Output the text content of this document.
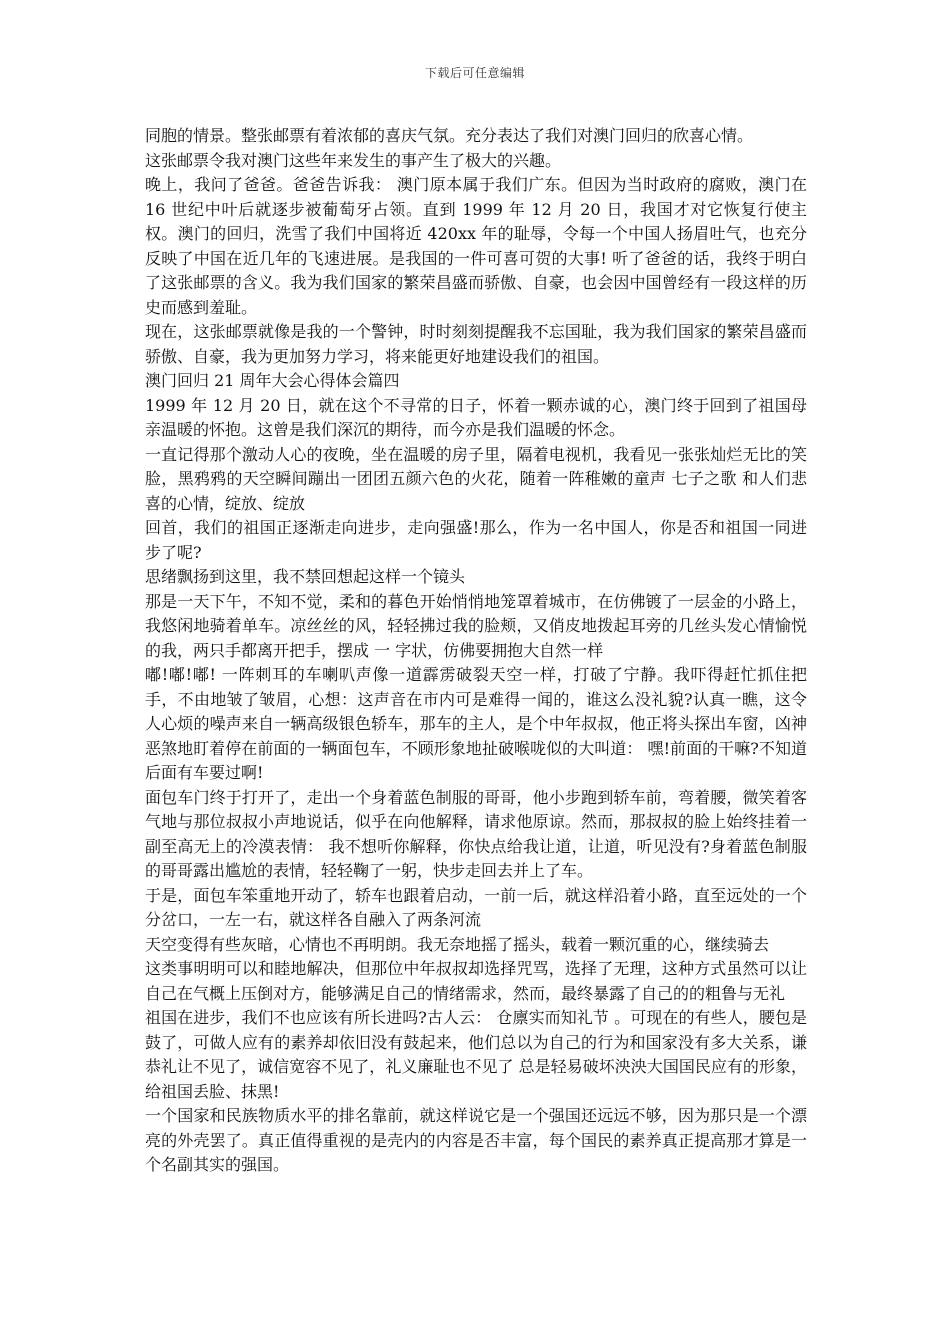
下载后可任意编辑

同胞的情景。整张邮票有着浓郁的喜庆气氛。充分表达了我们对澳门回归的欣喜心情。

这张邮票令我对澳门这些年来发生的事产生了极大的兴趣。

晚上，我问了爸爸。爸爸告诉我： 澳门原本属于我们广东。但因为当时政府的腐败，澳门在 16 世纪中叶后就逐步被葡萄牙占领。直到 1999 年 12 月 20 日，我国才对它恢复行使主权。澳门的回归，洗雪了我们中国将近 420xx 年的耻辱，令每一个中国人扬眉吐气，也充分反映了中国在近几年的飞速进展。是我国的一件可喜可贺的大事! 听了爸爸的话，我终于明白了这张邮票的含义。我为我们国家的繁荣昌盛而骄傲、自豪，也会因中国曾经有一段这样的历史而感到羞耻。

现在，这张邮票就像是我的一个警钟，时时刻刻提醒我不忘国耻，我为我们国家的繁荣昌盛而骄傲、自豪，我为更加努力学习，将来能更好地建设我们的祖国。

澳门回归 21 周年大会心得体会篇四

1999 年 12 月 20 日，就在这个不寻常的日子，怀着一颗赤诚的心，澳门终于回到了祖国母亲温暖的怀抱。这曾是我们深沉的期待，而今亦是我们温暖的怀念。

一直记得那个激动人心的夜晚，坐在温暖的房子里，隔着电视机，我看见一张张灿烂无比的笑脸，黑鸦鸦的天空瞬间蹦出一团团五颜六色的火花，随着一阵稚嫩的童声 七子之歌 和人们悲喜的心情，绽放、绽放

回首，我们的祖国正逐渐走向进步，走向强盛!那么，作为一名中国人，你是否和祖国一同进步了呢?

思绪飘扬到这里，我不禁回想起这样一个镜头

那是一天下午，不知不觉，柔和的暮色开始悄悄地笼罩着城市，在仿佛镀了一层金的小路上，我悠闲地骑着单车。凉丝丝的风，轻轻拂过我的脸颊，又俏皮地拨起耳旁的几丝头发心情愉悦的我，两只手都离开把手，摆成 一 字状，仿佛要拥抱大自然一样

嘟!嘟!嘟! 一阵刺耳的车喇叭声像一道霹雳破裂天空一样，打破了宁静。我吓得赶忙抓住把手，不由地皱了皱眉，心想：这声音在市内可是难得一闻的，谁这么没礼貌?认真一瞧，这令人心烦的噪声来自一辆高级银色轿车，那车的主人，是个中年叔叔，他正将头探出车窗，凶神恶煞地盯着停在前面的一辆面包车，不顾形象地扯破喉咙似的大叫道： 嘿!前面的干嘛?不知道后面有车要过啊!

面包车门终于打开了，走出一个身着蓝色制服的哥哥，他小步跑到轿车前，弯着腰，微笑着客气地与那位叔叔小声地说话，似乎在向他解释，请求他原谅。然而，那叔叔的脸上始终挂着一副至高无上的冷漠表情： 我不想听你解释，你快点给我让道，让道，听见没有?身着蓝色制服的哥哥露出尴尬的表情，轻轻鞠了一躬，快步走回去并上了车。

于是，面包车笨重地开动了，轿车也跟着启动，一前一后，就这样沿着小路，直至远处的一个分岔口，一左一右，就这样各自融入了两条河流

天空变得有些灰暗，心情也不再明朗。我无奈地摇了摇头，载着一颗沉重的心，继续骑去

这类事明明可以和睦地解决，但那位中年叔叔却选择咒骂，选择了无理，这种方式虽然可以让自己在气概上压倒对方，能够满足自己的情绪需求，然而，最终暴露了自己的的粗鲁与无礼

祖国在进步，我们不也应该有所长进吗?古人云： 仓廪实而知礼节 。可现在的有些人，腰包是鼓了，可做人应有的素养却依旧没有鼓起来，他们总以为自己的行为和国家没有多大关系，谦恭礼让不见了，诚信宽容不见了，礼义廉耻也不见了 总是轻易破坏泱泱大国国民应有的形象，给祖国丢脸、抹黑!

一个国家和民族物质水平的排名靠前，就这样说它是一个强国还远远不够，因为那只是一个漂亮的外壳罢了。真正值得重视的是壳内的内容是否丰富，每个国民的素养真正提高那才算是一个名副其实的强国。
